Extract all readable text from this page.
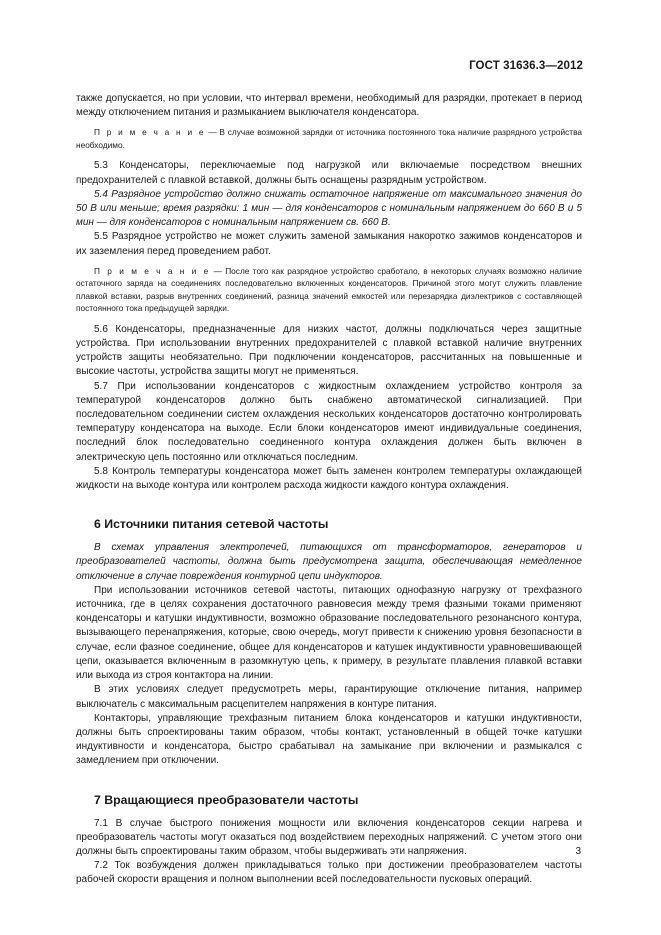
ГОСТ 31636.3—2012

также допускается, но при условии, что интервал времени, необходимый для разрядки, протекает в период между отключением питания и размыканием выключателя конденсатора.

П р и м е ч а н и е — В случае возможной зарядки от источника постоянного тока наличие разрядного устройства необходимо.

5.3 Конденсаторы, переключаемые под нагрузкой или включаемые посредством внешних предохранителей с плавкой вставкой, должны быть оснащены разрядным устройством.

5.4 Разрядное устройство должно снижать остаточное напряжение от максимального значения до 50 В или меньше; время разрядки: 1 мин — для конденсаторов с номинальным напряжением до 660 В и 5 мин — для конденсаторов с номинальным напряжением св. 660 В.

5.5 Разрядное устройство не может служить заменой замыкания накоротко зажимов конденсаторов и их заземления перед проведением работ.

П р и м е ч а н и е — После того как разрядное устройство сработало, в некоторых случаях возможно наличие остаточного заряда на соединениях последовательно включенных конденсаторов. Причиной этого могут служить плавление плавкой вставки, разрыв внутренних соединений, разница значений емкостей или перезарядка диэлектриков с составляющей постоянного тока предыдущей зарядки.

5.6 Конденсаторы, предназначенные для низких частот, должны подключаться через защитные устройства. При использовании внутренних предохранителей с плавкой вставкой наличие внутренних устройств защиты необязательно. При подключении конденсаторов, рассчитанных на повышенные и высокие частоты, устройства защиты могут не применяться.

5.7 При использовании конденсаторов с жидкостным охлаждением устройство контроля за температурой конденсаторов должно быть снабжено автоматической сигнализацией. При последовательном соединении систем охлаждения нескольких конденсаторов достаточно контролировать температуру конденсатора на выходе. Если блоки конденсаторов имеют индивидуальные соединения, последний блок последовательно соединенного контура охлаждения должен быть включен в электрическую цепь постоянно или отключаться последним.

5.8 Контроль температуры конденсатора может быть заменен контролем температуры охлаждающей жидкости на выходе контура или контролем расхода жидкости каждого контура охлаждения.

6 Источники питания сетевой частоты

В схемах управления электропечей, питающихся от трансформаторов, генераторов и преобразователей частоты, должна быть предусмотрена защита, обеспечивающая немедленное отключение в случае повреждения контурной цепи индукторов.

При использовании источников сетевой частоты, питающих однофазную нагрузку от трехфазного источника, где в целях сохранения достаточного равновесия между тремя фазными токами применяют конденсаторы и катушки индуктивности, возможно образование последовательного резонансного контура, вызывающего перенапряжения, которые, свою очередь, могут привести к снижению уровня безопасности в случае, если фазное соединение, общее для конденсаторов и катушек индуктивности уравновешивающей цепи, оказывается включенным в разомкнутую цепь, к примеру, в результате плавления плавкой вставки или выхода из строя контактора на линии.

В этих условиях следует предусмотреть меры, гарантирующие отключение питания, например выключатель с максимальным расцепителем напряжения в контуре питания.

Контакторы, управляющие трехфазным питанием блока конденсаторов и катушки индуктивности, должны быть спроектированы таким образом, чтобы контакт, установленный в общей точке катушки индуктивности и конденсатора, быстро срабатывал на замыкание при включении и размыкался с замедлением при отключении.

7 Вращающиеся преобразователи частоты

7.1 В случае быстрого понижения мощности или включения конденсаторов секции нагрева и преобразователь частоты могут оказаться под воздействием переходных напряжений. С учетом этого они должны быть спроектированы таким образом, чтобы выдерживать эти напряжения.

7.2 Ток возбуждения должен прикладываться только при достижении преобразователем частоты рабочей скорости вращения и полном выполнении всей последовательности пусковых операций.

3
